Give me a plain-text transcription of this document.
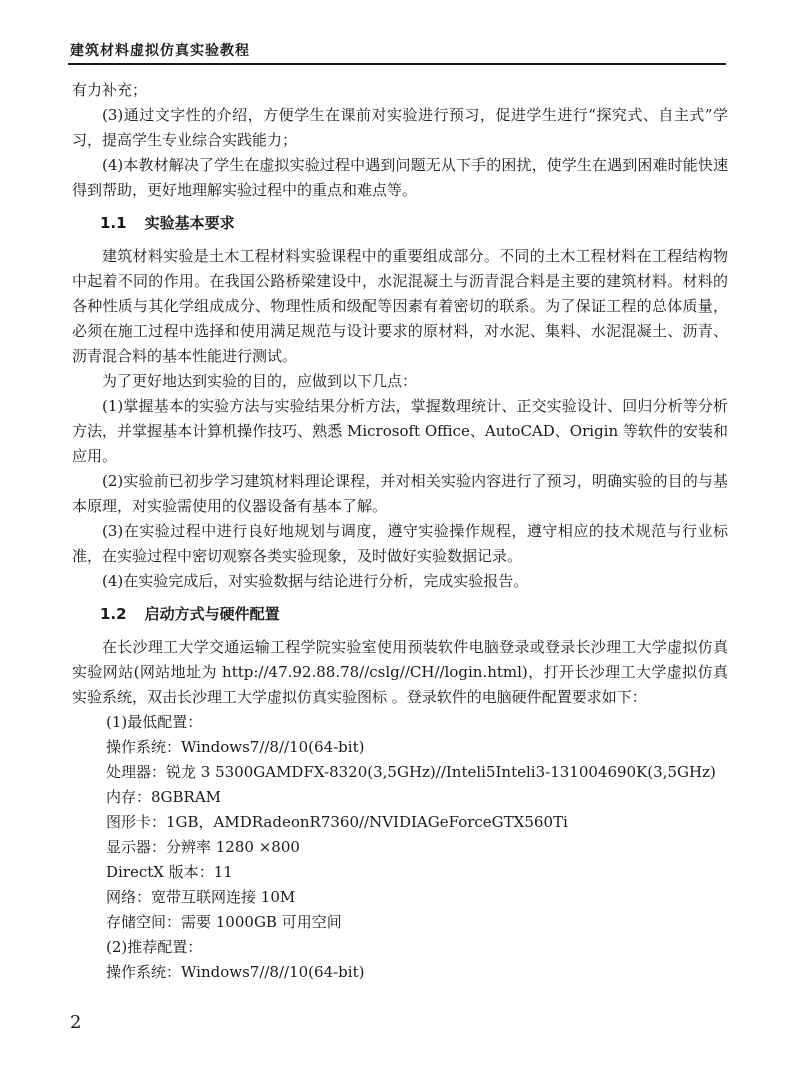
建筑材料虚拟仿真实验教程

有力补充；

(3)通过文字性的介绍，方便学生在课前对实验进行预习，促进学生进行“探究式、自主式”学习，提高学生专业综合实践能力；

(4)本教材解决了学生在虚拟实验过程中遇到问题无从下手的困扰，使学生在遇到困难时能快速得到帮助，更好地理解实验过程中的重点和难点等。

1.1 实验基本要求

建筑材料实验是土木工程材料实验课程中的重要组成部分。不同的土木工程材料在工程结构物中起着不同的作用。在我国公路桥梁建设中，水泥混凝土与沥青混合料是主要的建筑材料。材料的各种性质与其化学组成成分、物理性质和级配等因素有着密切的联系。为了保证工程的总体质量，必须在施工过程中选择和使用满足规范与设计要求的原材料，对水泥、集料、水泥混凝土、沥青、沥青混合料的基本性能进行测试。

为了更好地达到实验的目的，应做到以下几点：

(1)掌握基本的实验方法与实验结果分析方法，掌握数理统计、正交实验设计、回归分析等分析方法，并掌握基本计算机操作技巧、熟悉 Microsoft Office、AutoCAD、Origin 等软件的安装和应用。

(2)实验前已初步学习建筑材料理论课程，并对相关实验内容进行了预习，明确实验的目的与基本原理，对实验需使用的仪器设备有基本了解。

(3)在实验过程中进行良好地规划与调度，遵守实验操作规程，遵守相应的技术规范与行业标准，在实验过程中密切观察各类实验现象，及时做好实验数据记录。

(4)在实验完成后，对实验数据与结论进行分析，完成实验报告。

1.2 启动方式与硬件配置

在长沙理工大学交通运输工程学院实验室使用预装软件电脑登录或登录长沙理工大学虚拟仿真实验网站(网站地址为 http://47.92.88.78//cslg//CH//login.html)，打开长沙理工大学虚拟仿真实验系统，双击长沙理工大学虚拟仿真实验图标 。登录软件的电脑硬件配置要求如下：

(1)最低配置：

操作系统：Windows7//8//10(64-bit)

处理器：锐龙 3 5300GAMDFX-8320(3,5GHz)//Inteli5Inteli3-131004690K(3,5GHz)

内存：8GBRAM

图形卡：1GB，AMDRadeonR7360//NVIDIAGeForceGTX560Ti

显示器：分辨率 1280 ×800

DirectX 版本：11

网络：宽带互联网连接 10M

存储空间：需要 1000GB 可用空间

(2)推荐配置：

操作系统：Windows7//8//10(64-bit)

2
